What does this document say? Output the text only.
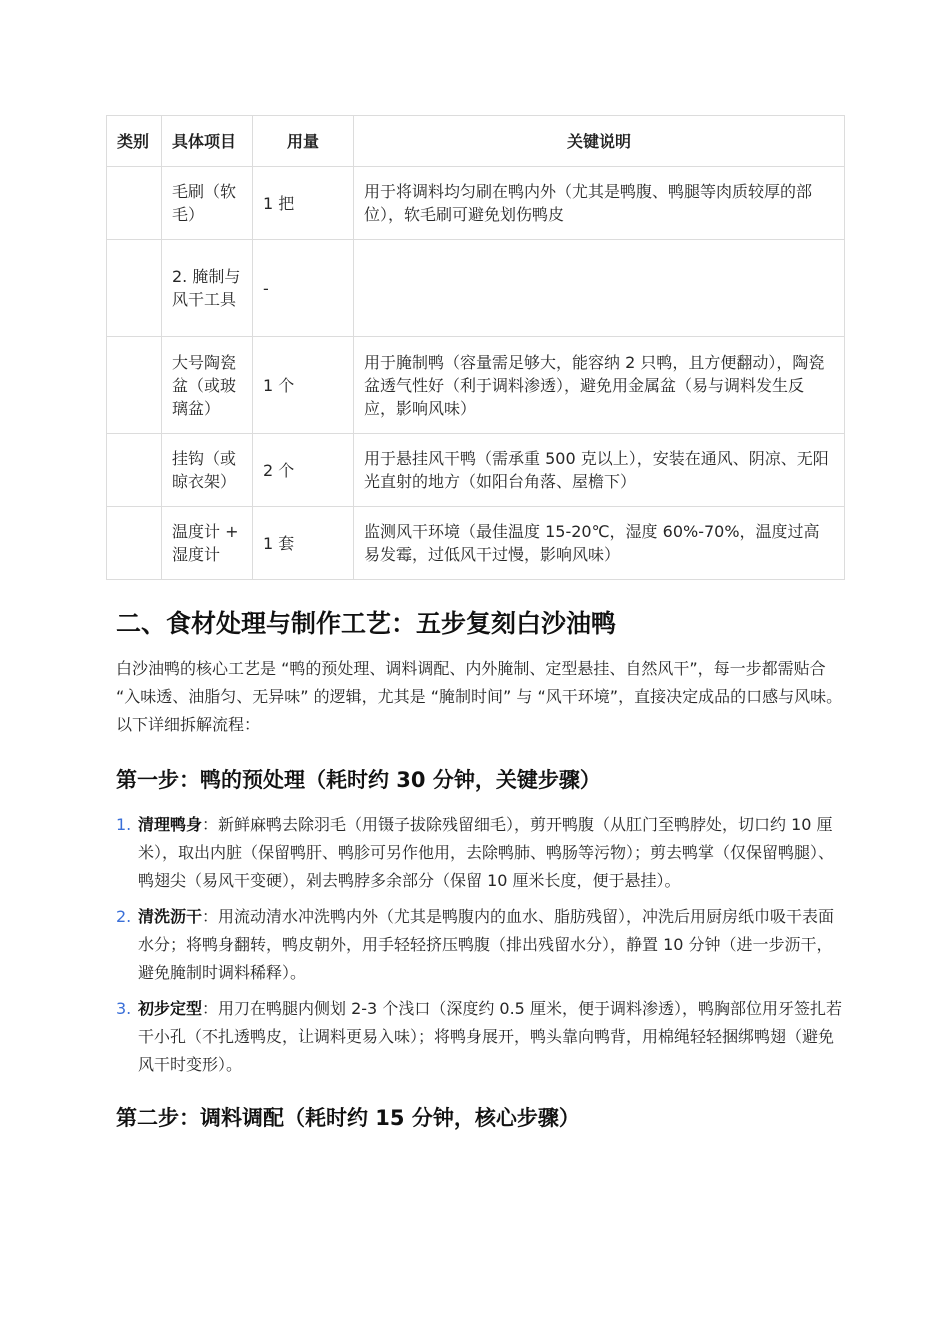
类别	具体项目	用量	关键说明
	毛刷（软毛）	1 把	用于将调料均匀刷在鸭内外（尤其是鸭腹、鸭腿等肉质较厚的部位），软毛刷可避免划伤鸭皮
	2. 腌制与风干工具	-	
	大号陶瓷盆（或玻璃盆）	1 个	用于腌制鸭（容量需足够大，能容纳 2 只鸭，且方便翻动），陶瓷盆透气性好（利于调料渗透），避免用金属盆（易与调料发生反应，影响风味）
	挂钩（或晾衣架）	2 个	用于悬挂风干鸭（需承重 500 克以上），安装在通风、阴凉、无阳光直射的地方（如阳台角落、屋檐下）
	温度计 + 湿度计	1 套	监测风干环境（最佳温度 15-20℃，湿度 60%-70%，温度过高易发霉，过低风干过慢，影响风味）
二、食材处理与制作工艺：五步复刻白沙油鸭

白沙油鸭的核心工艺是 “鸭的预处理、调料调配、内外腌制、定型悬挂、自然风干”，每一步都需贴合 “入味透、油脂匀、无异味” 的逻辑，尤其是 “腌制时间” 与 “风干环境”，直接决定成品的口感与风味。以下详细拆解流程：

第一步：鸭的预处理（耗时约 30 分钟，关键步骤）
1. 清理鸭身：新鲜麻鸭去除羽毛（用镊子拔除残留细毛），剪开鸭腹（从肛门至鸭脖处，切口约 10 厘米），取出内脏（保留鸭肝、鸭胗可另作他用，去除鸭肺、鸭肠等污物）；剪去鸭掌（仅保留鸭腿）、鸭翅尖（易风干变硬），剁去鸭脖多余部分（保留 10 厘米长度，便于悬挂）。
2. 清洗沥干：用流动清水冲洗鸭内外（尤其是鸭腹内的血水、脂肪残留），冲洗后用厨房纸巾吸干表面水分；将鸭身翻转，鸭皮朝外，用手轻轻挤压鸭腹（排出残留水分），静置 10 分钟（进一步沥干，避免腌制时调料稀释）。
3. 初步定型：用刀在鸭腿内侧划 2-3 个浅口（深度约 0.5 厘米，便于调料渗透），鸭胸部位用牙签扎若干小孔（不扎透鸭皮，让调料更易入味）；将鸭身展开，鸭头靠向鸭背，用棉绳轻轻捆绑鸭翅（避免风干时变形）。
第二步：调料调配（耗时约 15 分钟，核心步骤）
